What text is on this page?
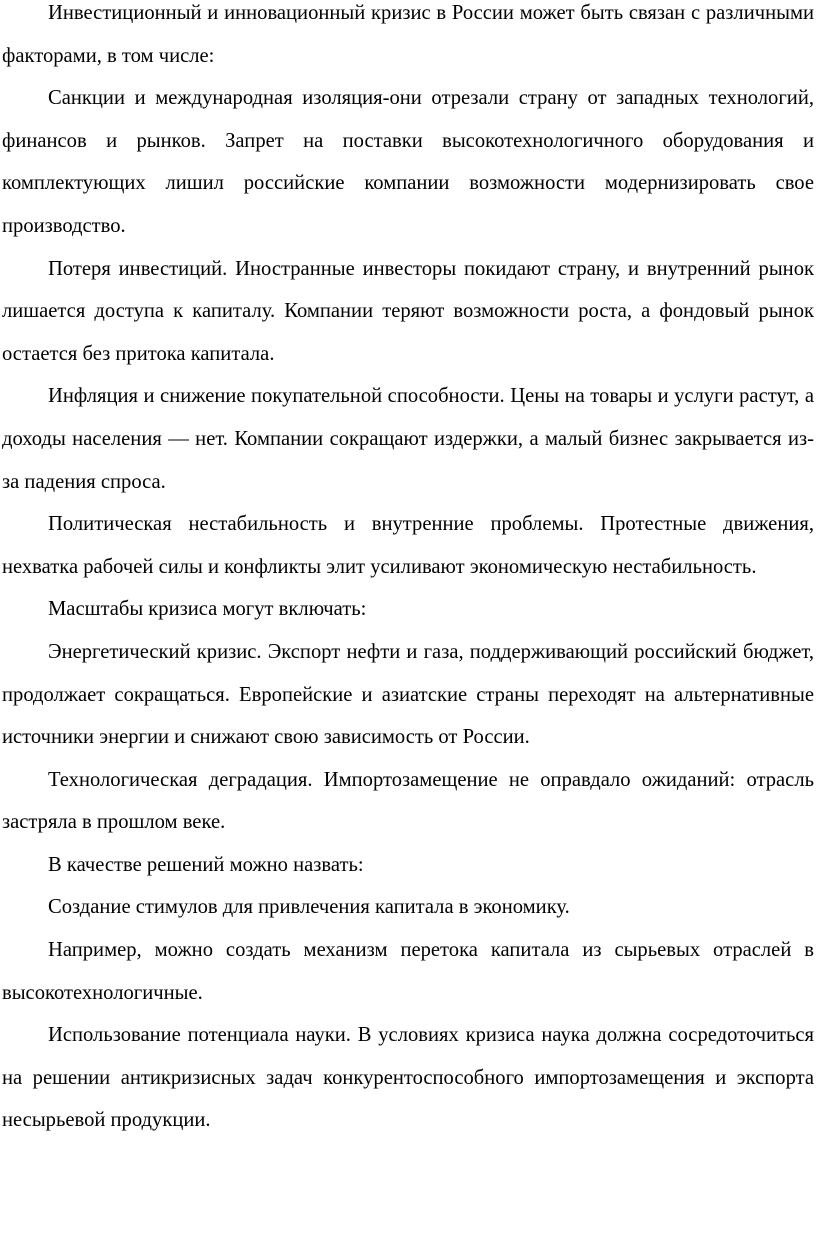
Инвестиционный и инновационный кризис в России может быть связан с различными факторами, в том числе:

Санкции и международная изоляция-они отрезали страну от западных технологий, финансов и рынков. Запрет на поставки высокотехнологичного оборудования и комплектующих лишил российские компании возможности модернизировать свое производство.

Потеря инвестиций. Иностранные инвесторы покидают страну, и внутренний рынок лишается доступа к капиталу. Компании теряют возможности роста, а фондовый рынок остается без притока капитала.

Инфляция и снижение покупательной способности. Цены на товары и услуги растут, а доходы населения — нет. Компании сокращают издержки, а малый бизнес закрывается из-за падения спроса.

Политическая нестабильность и внутренние проблемы. Протестные движения, нехватка рабочей силы и конфликты элит усиливают экономическую нестабильность.

Масштабы кризиса могут включать:

Энергетический кризис. Экспорт нефти и газа, поддерживающий российский бюджет, продолжает сокращаться. Европейские и азиатские страны переходят на альтернативные источники энергии и снижают свою зависимость от России.

Технологическая деградация. Импортозамещение не оправдало ожиданий: отрасль застряла в прошлом веке.

В качестве решений можно назвать:

Создание стимулов для привлечения капитала в экономику.

Например, можно создать механизм перетока капитала из сырьевых отраслей в высокотехнологичные.

Использование потенциала науки. В условиях кризиса наука должна сосредоточиться на решении антикризисных задач конкурентоспособного импортозамещения и экспорта несырьевой продукции.
